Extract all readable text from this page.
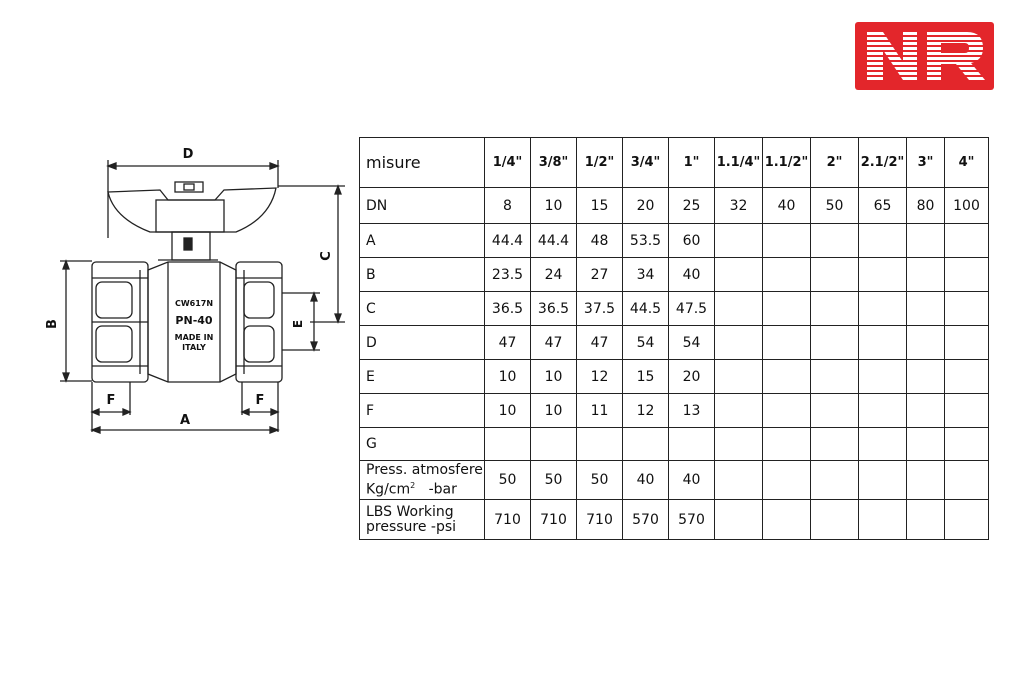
D
C
B	E
F	F
A
CW617N
PN-40
MADE IN
ITALY
misure	1/4"	3/8"	1/2"	3/4"	1"	1.1/4"	1.1/2"	2"	2.1/2"	3"	4"
DN	8	10	15	20	25	32	40	50	65	80	100
A	44.4	44.4	48	53.5	60						
B	23.5	24	27	34	40						
C	36.5	36.5	37.5	44.5	47.5						
D	47	47	47	54	54						
E	10	10	12	15	20						
F	10	10	11	12	13						
G											

Press. atmosfere
$Kg/cm^2$   -bar	50	50	50	40	40						

LBS Working
pressure -psi	710	710	710	570	570						
